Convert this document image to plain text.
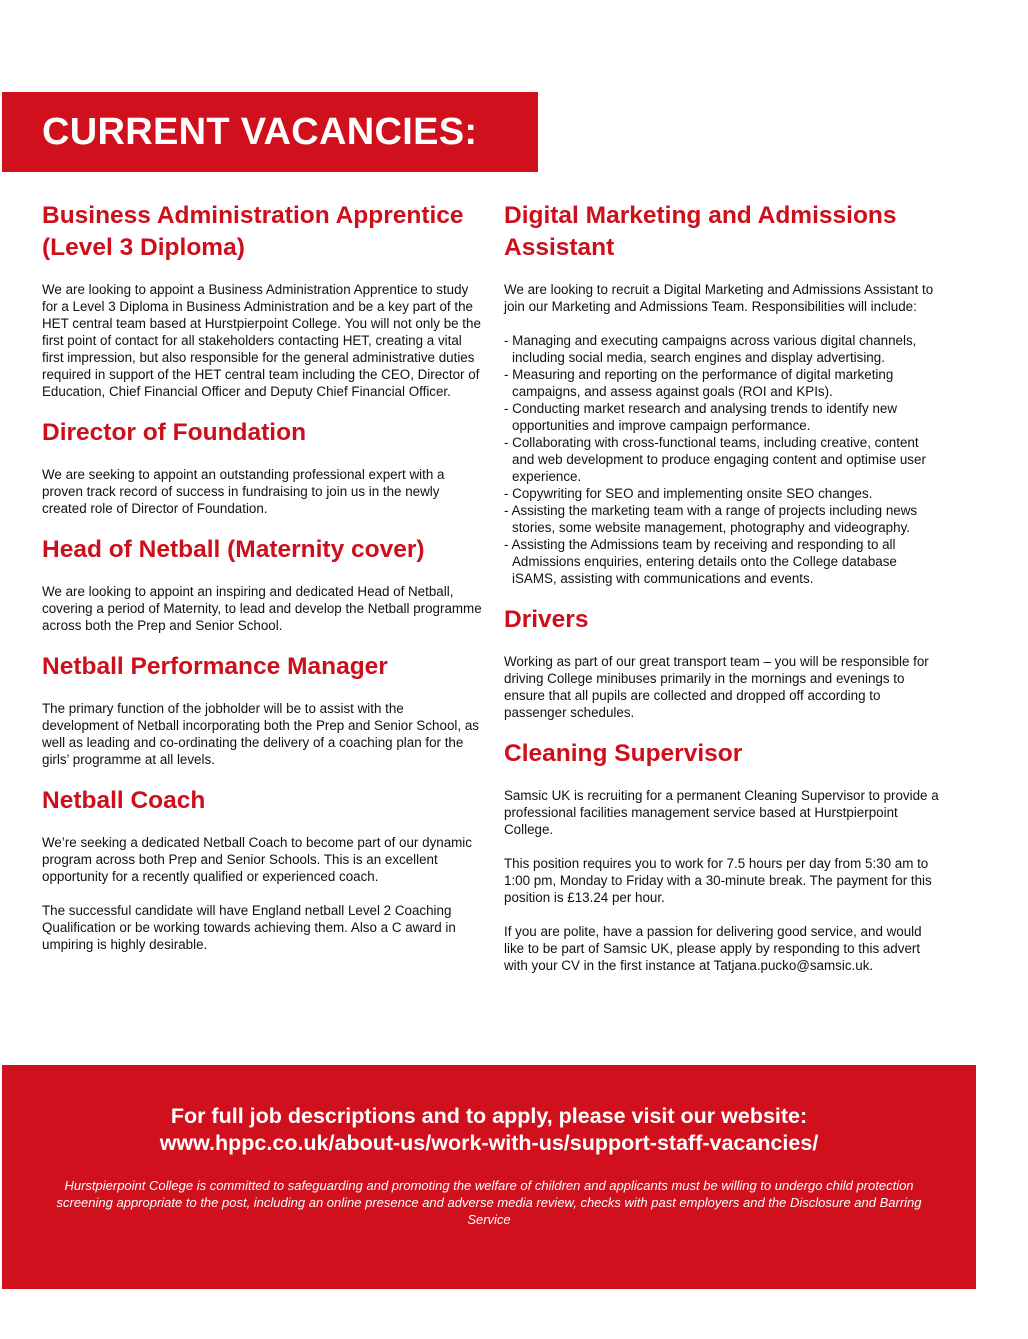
CURRENT VACANCIES:
Business Administration Apprentice (Level 3 Diploma)

We are looking to appoint a Business Administration Apprentice to study for a Level 3 Diploma in Business Administration and be a key part of the HET central team based at Hurstpierpoint College. You will not only be the first point of contact for all stakeholders contacting HET, creating a vital first impression, but also responsible for the general administrative duties required in support of the HET central team including the CEO, Director of Education, Chief Financial Officer and Deputy Chief Financial Officer.

Director of Foundation

We are seeking to appoint an outstanding professional expert with a proven track record of success in fundraising to join us in the newly created role of Director of Foundation.

Head of Netball (Maternity cover)

We are looking to appoint an inspiring and dedicated Head of Netball, covering a period of Maternity, to lead and develop the Netball programme across both the Prep and Senior School.

Netball Performance Manager

The primary function of the jobholder will be to assist with the development of Netball incorporating both the Prep and Senior School, as well as leading and co-ordinating the delivery of a coaching plan for the girls’ programme at all levels.

Netball Coach

We’re seeking a dedicated Netball Coach to become part of our dynamic program across both Prep and Senior Schools. This is an excellent opportunity for a recently qualified or experienced coach.

The successful candidate will have England netball Level 2 Coaching Qualification or be working towards achieving them. Also a C award in umpiring is highly desirable.

Digital Marketing and Admissions Assistant

We are looking to recruit a Digital Marketing and Admissions Assistant to join our Marketing and Admissions Team. Responsibilities will include:

- Managing and executing campaigns across various digital channels, including social media, search engines and display advertising.
- Measuring and reporting on the performance of digital marketing campaigns, and assess against goals (ROI and KPIs).
- Conducting market research and analysing trends to identify new opportunities and improve campaign performance.
- Collaborating with cross-functional teams, including creative, content and web development to produce engaging content and optimise user experience.
- Copywriting for SEO and implementing onsite SEO changes.
- Assisting the marketing team with a range of projects including news stories, some website management, photography and videography.
- Assisting the Admissions team by receiving and responding to all Admissions enquiries, entering details onto the College database iSAMS, assisting with communications and events.
Drivers

Working as part of our great transport team – you will be responsible for driving College minibuses primarily in the mornings and evenings to ensure that all pupils are collected and dropped off according to passenger schedules.

Cleaning Supervisor

Samsic UK is recruiting for a permanent Cleaning Supervisor to provide a professional facilities management service based at Hurstpierpoint College.

This position requires you to work for 7.5 hours per day from 5:30 am to 1:00 pm, Monday to Friday with a 30-minute break. The payment for this position is £13.24 per hour.

If you are polite, have a passion for delivering good service, and would like to be part of Samsic UK, please apply by responding to this advert with your CV in the first instance at Tatjana.pucko@samsic.uk.

For full job descriptions and to apply, please visit our website:

www.hppc.co.uk/about-us/work-with-us/support-staff-vacancies/

Hurstpierpoint College is committed to safeguarding and promoting the welfare of children and applicants must be willing to undergo child protection screening appropriate to the post, including an online presence and adverse media review, checks with past employers and the Disclosure and Barring Service
